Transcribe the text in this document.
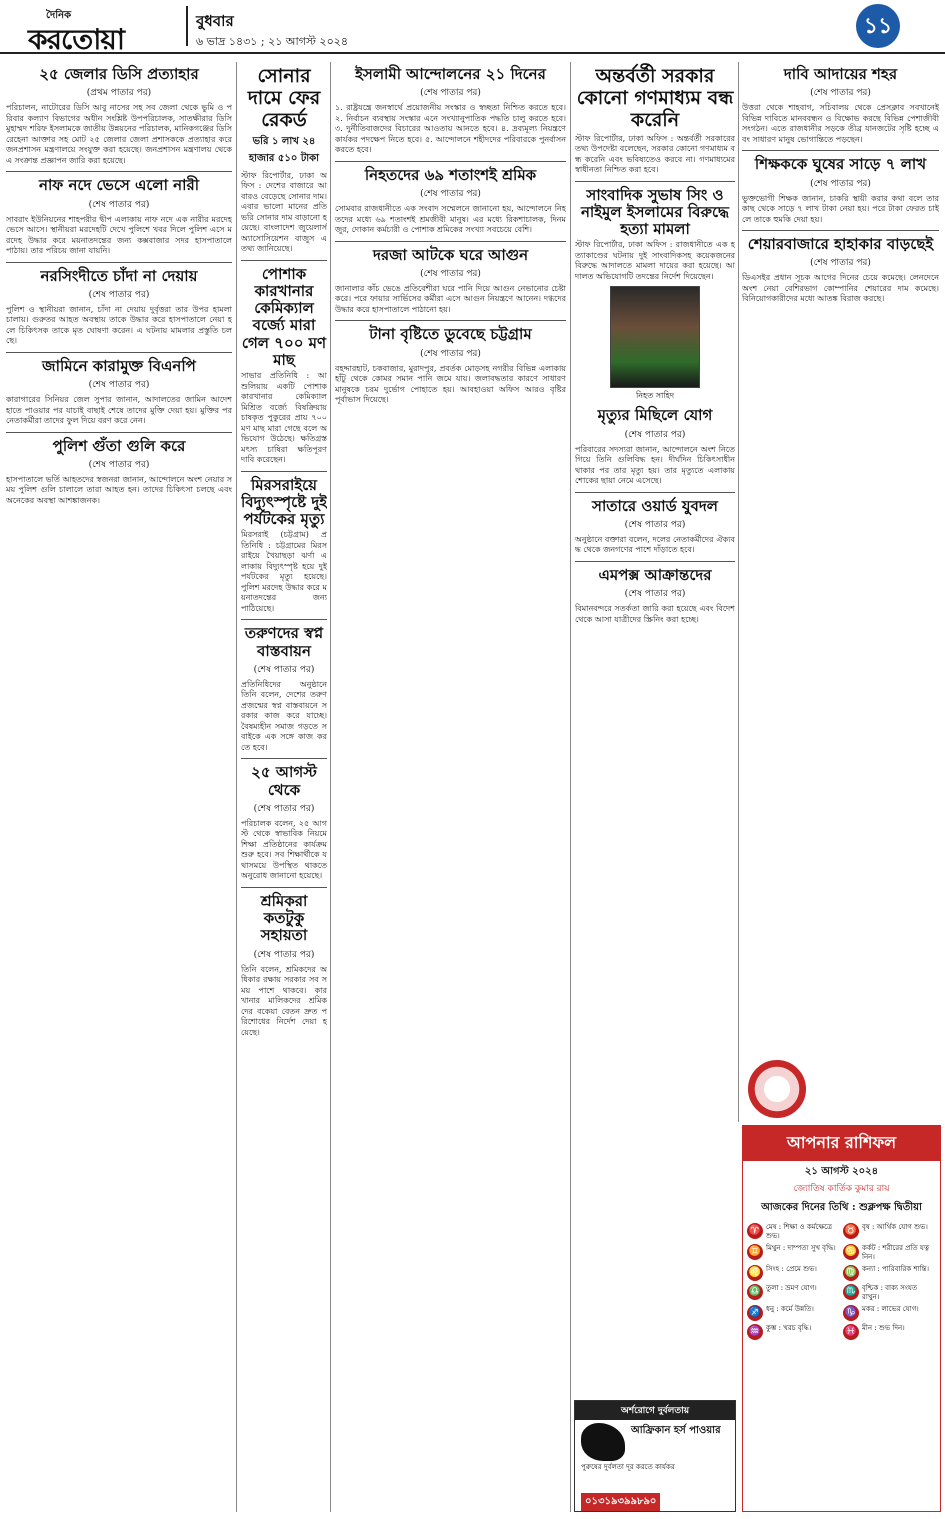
দৈনিক
করতোয়া
বুধবার
৬ ভাদ্র ১৪৩১ ; ২১ আগস্ট ২০২৪
১১
২৫ জেলার ডিসি প্রত্যাহার
(প্রথম পাতার পর)
পরিচালন, নাটোরের ডিসি আবু নাসের সহ সব জেলা থেকে ভুমি ও পরিবার কল্যাণ বিভাগের অধীন সংশ্লিষ্ট উপপরিচালক, সাতক্ষীরার ডিসি মুহাম্মদ শরিফ ইসলামকে জাতীয় উন্নয়নের পরিচালক, মানিকগঞ্জের ডিসি রেহেনা আক্তার সহ মোট ২৫ জেলার জেলা প্রশাসককে প্রত্যাহার করে জনপ্রশাসন মন্ত্রণালয়ে সংযুক্ত করা হয়েছে। জনপ্রশাসন মন্ত্রণালয় থেকে এ সংক্রান্ত প্রজ্ঞাপন জারি করা হয়েছে।
নাফ নদে ভেসে এলো নারী
(শেষ পাতার পর)
সাবরাং ইউনিয়নের শাহপরীর দ্বীপ এলাকায় নাফ নদে এক নারীর মরদেহ ভেসে আসে। স্থানীয়রা মরদেহটি দেখে পুলিশে খবর দিলে পুলিশ এসে মরদেহ উদ্ধার করে ময়নাতদন্তের জন্য কক্সবাজার সদর হাসপাতালে পাঠায়। তার পরিচয় জানা যায়নি।
নরসিংদীতে চাঁদা না দেয়ায়
(শেষ পাতার পর)
পুলিশ ও স্থানীয়রা জানান, চাঁদা না দেয়ায় দুর্বৃত্তরা তার উপর হামলা চালায়। গুরুতর আহত অবস্থায় তাকে উদ্ধার করে হাসপাতালে নেয়া হলে চিকিৎসক তাকে মৃত ঘোষণা করেন। এ ঘটনায় মামলার প্রস্তুতি চলছে।
জামিনে কারামুক্ত বিএনপি
(শেষ পাতার পর)
কারাগারের সিনিয়র জেল সুপার জানান, আদালতের জামিন আদেশ হাতে পাওয়ার পর যাচাই বাছাই শেষে তাদের মুক্তি দেয়া হয়। মুক্তির পর নেতাকর্মীরা তাদের ফুল দিয়ে বরণ করে নেন।
পুলিশ গুঁতা গুলি করে
(শেষ পাতার পর)
হাসপাতালে ভর্তি আহতদের স্বজনরা জানান, আন্দোলনে অংশ নেয়ার সময় পুলিশ গুলি চালালে তারা আহত হন। তাদের চিকিৎসা চলছে এবং অনেকের অবস্থা আশঙ্কাজনক।
সোনার দামে ফের রেকর্ড
ভরি ১ লাখ ২৪ হাজার ৫১০ টাকা
স্টাফ রিপোর্টার, ঢাকা অফিস : দেশের বাজারে আবারও বেড়েছে সোনার দাম। এবার ভালো মানের প্রতি ভরি সোনার দাম বাড়ানো হয়েছে। বাংলাদেশ জুয়েলার্স অ্যাসোসিয়েশন বাজুস এ তথ্য জানিয়েছে।
পোশাক কারখানার কেমিক্যাল বর্জ্যে মারা গেল ৭০০ মণ মাছ
সাভার প্রতিনিধি : আশুলিয়ায় একটি পোশাক কারখানার কেমিক্যাল মিশ্রিত বর্জ্যে বিষক্রিয়ায় চাষকৃত পুকুরের প্রায় ৭০০ মণ মাছ মারা গেছে বলে অভিযোগ উঠেছে। ক্ষতিগ্রস্ত মৎস্য চাষিরা ক্ষতিপূরণ দাবি করেছেন।
মিরসরাইয়ে বিদ্যুৎস্পৃষ্টে দুই পর্যটকের মৃত্যু
মিরসরাই (চট্টগ্রাম) প্রতিনিধি : চট্টগ্রামের মিরসরাইয়ে খৈয়াছড়া ঝর্ণা এলাকায় বিদ্যুৎস্পৃষ্ট হয়ে দুই পর্যটকের মৃত্যু হয়েছে। পুলিশ মরদেহ উদ্ধার করে ময়নাতদন্তের জন্য পাঠিয়েছে।
তরুণদের স্বপ্ন বাস্তবায়ন
(শেষ পাতার পর)
প্রতিনিধিদের অনুষ্ঠানে তিনি বলেন, দেশের তরুণ প্রজন্মের স্বপ্ন বাস্তবায়নে সরকার কাজ করে যাচ্ছে। বৈষম্যহীন সমাজ গড়তে সবাইকে এক সঙ্গে কাজ করতে হবে।
২৫ আগস্ট থেকে
(শেষ পাতার পর)
পরিচালক বলেন, ২৫ আগস্ট থেকে স্বাভাবিক নিয়মে শিক্ষা প্রতিষ্ঠানের কার্যক্রম শুরু হবে। সব শিক্ষার্থীকে যথাসময়ে উপস্থিত থাকতে অনুরোধ জানানো হয়েছে।
শ্রমিকরা কতটুকু সহায়তা
(শেষ পাতার পর)
তিনি বলেন, শ্রমিকদের অধিকার রক্ষায় সরকার সব সময় পাশে থাকবে। কারখানার মালিকদের শ্রমিকদের বকেয়া বেতন দ্রুত পরিশোধের নির্দেশ দেয়া হয়েছে।
ইসলামী আন্দোলনের ২১ দিনের
(শেষ পাতার পর)
১. রাষ্ট্রযন্ত্রে জনস্বার্থে প্রয়োজনীয় সংস্কার ও স্বচ্ছতা নিশ্চিত করতে হবে। ২. নির্বাচন ব্যবস্থায় সংস্কার এনে সংখ্যানুপাতিক পদ্ধতি চালু করতে হবে। ৩. দুর্নীতিবাজদের বিচারের আওতায় আনতে হবে। ৪. দ্রব্যমূল্য নিয়ন্ত্রণে কার্যকর পদক্ষেপ নিতে হবে। ৫. আন্দোলনে শহীদদের পরিবারকে পুনর্বাসন করতে হবে।
নিহতদের ৬৯ শতাংশই শ্রমিক
(শেষ পাতার পর)
সোমবার রাজধানীতে এক সংবাদ সম্মেলনে জানানো হয়, আন্দোলনে নিহতদের মধ্যে ৬৯ শতাংশই শ্রমজীবী মানুষ। এর মধ্যে রিকশাচালক, দিনমজুর, দোকান কর্মচারী ও পোশাক শ্রমিকের সংখ্যা সবচেয়ে বেশি।
দরজা আটকে ঘরে আগুন
(শেষ পাতার পর)
জানালার কাঁচ ভেঙে প্রতিবেশীরা ঘরে পানি দিয়ে আগুন নেভানোর চেষ্টা করে। পরে ফায়ার সার্ভিসের কর্মীরা এসে আগুন নিয়ন্ত্রণে আনেন। দগ্ধদের উদ্ধার করে হাসপাতালে পাঠানো হয়।
টানা বৃষ্টিতে ডুবেছে চট্টগ্রাম
(শেষ পাতার পর)
বহদ্দারহাট, চকবাজার, মুরাদপুর, প্রবর্তক মোড়সহ নগরীর বিভিন্ন এলাকায় হাঁটু থেকে কোমর সমান পানি জমে যায়। জলাবদ্ধতার কারণে সাধারণ মানুষকে চরম দুর্ভোগ পোহাতে হয়। আবহাওয়া অফিস আরও বৃষ্টির পূর্বাভাস দিয়েছে।
অন্তর্বর্তী সরকার কোনো গণমাধ্যম বন্ধ করেনি
স্টাফ রিপোর্টার, ঢাকা অফিস : অন্তর্বর্তী সরকারের তথ্য উপদেষ্টা বলেছেন, সরকার কোনো গণমাধ্যম বন্ধ করেনি এবং ভবিষ্যতেও করবে না। গণমাধ্যমের স্বাধীনতা নিশ্চিত করা হবে।
সাংবাদিক সুভাষ সিং ও নাইমুল ইসলামের বিরুদ্ধে হত্যা মামলা
স্টাফ রিপোর্টার, ঢাকা অফিস : রাজধানীতে এক হত্যাকাণ্ডের ঘটনায় দুই সাংবাদিকসহ কয়েকজনের বিরুদ্ধে আদালতে মামলা দায়ের করা হয়েছে। আদালত অভিযোগটি তদন্তের নির্দেশ দিয়েছেন।
নিহত সাহিদ
মৃত্যুর মিছিলে যোগ
(শেষ পাতার পর)
পরিবারের সদস্যরা জানান, আন্দোলনে অংশ নিতে গিয়ে তিনি গুলিবিদ্ধ হন। দীর্ঘদিন চিকিৎসাধীন থাকার পর তার মৃত্যু হয়। তার মৃত্যুতে এলাকায় শোকের ছায়া নেমে এসেছে।
সাতারে ওয়ার্ড যুবদল
(শেষ পাতার পর)
অনুষ্ঠানে বক্তারা বলেন, দলের নেতাকর্মীদের ঐক্যবদ্ধ থেকে জনগণের পাশে দাঁড়াতে হবে।
এমপক্স আক্রান্তদের
(শেষ পাতার পর)
বিমানবন্দরে সতর্কতা জারি করা হয়েছে এবং বিদেশ থেকে আসা যাত্রীদের স্ক্রিনিং করা হচ্ছে।
দাবি আদায়ের শহর
(শেষ পাতার পর)
উত্তরা থেকে শাহবাগ, সচিবালয় থেকে প্রেসক্লাব সবখানেই বিভিন্ন দাবিতে মানববন্ধন ও বিক্ষোভ করছে বিভিন্ন পেশাজীবী সংগঠন। এতে রাজধানীর সড়কে তীব্র যানজটের সৃষ্টি হচ্ছে এবং সাধারণ মানুষ ভোগান্তিতে পড়ছেন।
শিক্ষককে ঘুষের সাড়ে ৭ লাখ
(শেষ পাতার পর)
ভুক্তভোগী শিক্ষক জানান, চাকরি স্থায়ী করার কথা বলে তার কাছ থেকে সাড়ে ৭ লাখ টাকা নেয়া হয়। পরে টাকা ফেরত চাইলে তাকে হুমকি দেয়া হয়।
শেয়ারবাজারে হাহাকার বাড়ছেই
(শেষ পাতার পর)
ডিএসইর প্রধান সূচক আগের দিনের চেয়ে কমেছে। লেনদেনে অংশ নেয়া বেশিরভাগ কোম্পানির শেয়ারের দাম কমেছে। বিনিয়োগকারীদের মধ্যে আতঙ্ক বিরাজ করছে।
আপনার রাশিফল
২১ আগস্ট ২০২৪
জ্যোতিষ কার্তিক কুমার রায়
আজকের দিনের তিথি : শুক্লপক্ষ দ্বিতীয়া
♈ মেষ : শিক্ষা ও কর্মক্ষেত্রে শুভ।	♉ বৃষ : আর্থিক যোগ শুভ।
♊ মিথুন : দাম্পত্য সুখ বৃদ্ধি। ♋ কর্কট : শরীরের প্রতি যত্ন নিন।
♌ সিংহ : প্রেমে শুভ।	♍ কন্যা : পারিবারিক শান্তি।
♎ তুলা : ভ্রমণ যোগ।	♏ বৃশ্চিক : বাক্য সংযত রাখুন।
♐ ধনু : কর্মে উন্নতি।	♑ মকর : লাভের যোগ।
♒ কুম্ভ : খরচ বৃদ্ধি।	♓ মীন : শুভ দিন।
অর্শরোগে দুর্বলতায়
আফ্রিকান হর্স পাওয়ার
পুরুষের দুর্বলতা দূর করতে কার্যকর
০১৩১৯৩৯৯৮৯০
